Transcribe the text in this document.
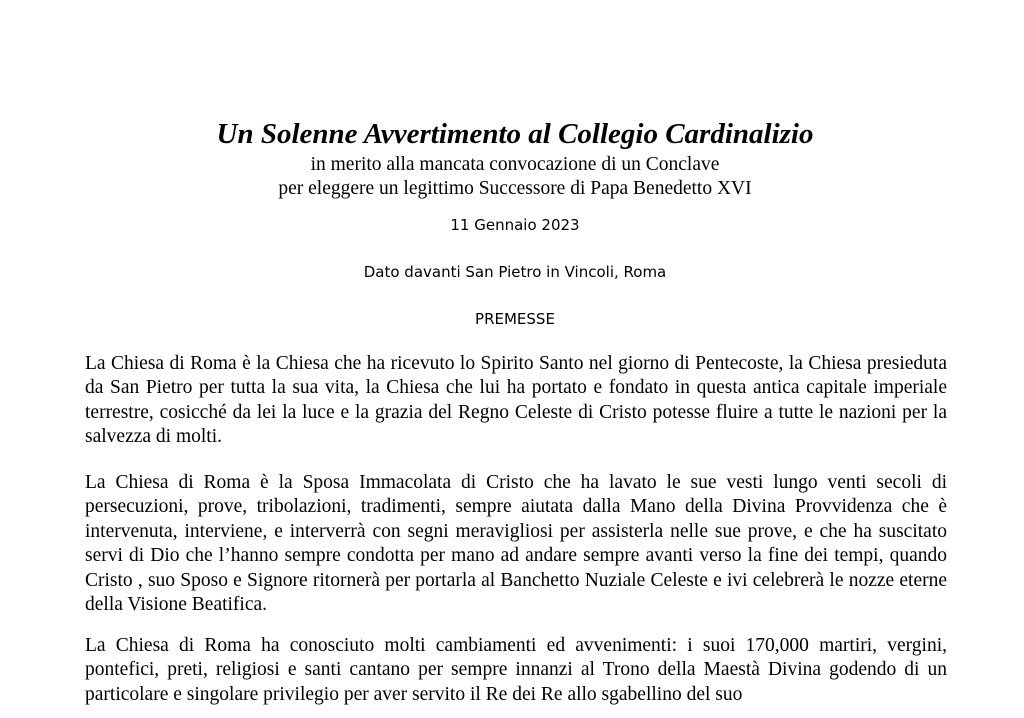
Un Solenne Avvertimento al Collegio Cardinalizio
in merito alla mancata convocazione di un Conclave
per eleggere un legittimo Successore di Papa Benedetto XVI
11 Gennaio 2023
Dato davanti San Pietro in Vincoli, Roma
PREMESSE

La Chiesa di Roma è la Chiesa che ha ricevuto lo Spirito Santo nel giorno di Pentecoste, la Chiesa presieduta da San Pietro per tutta la sua vita, la Chiesa che lui ha portato e fondato in questa antica capitale imperiale terrestre, cosicché da lei la luce e la grazia del Regno Celeste di Cristo potesse fluire a tutte le nazioni per la salvezza di molti.

La Chiesa di Roma è la Sposa Immacolata di Cristo che ha lavato le sue vesti lungo venti secoli di persecuzioni, prove, tribolazioni, tradimenti, sempre aiutata dalla Mano della Divina Provvidenza che è intervenuta, interviene, e interverrà con segni meravigliosi per assisterla nelle sue prove, e che ha suscitato servi di Dio che l’hanno sempre condotta per mano ad andare sempre avanti verso la fine dei tempi, quando Cristo , suo Sposo e Signore ritornerà per portarla al Banchetto Nuziale Celeste e ivi celebrerà le nozze eterne della Visione Beatifica.

La Chiesa di Roma ha conosciuto molti cambiamenti ed avvenimenti: i suoi 170,000 martiri, vergini, pontefici, preti, religiosi e santi cantano per sempre innanzi al Trono della Maestà Divina godendo di un particolare e singolare privilegio per aver servito il Re dei Re allo sgabellino del suo
